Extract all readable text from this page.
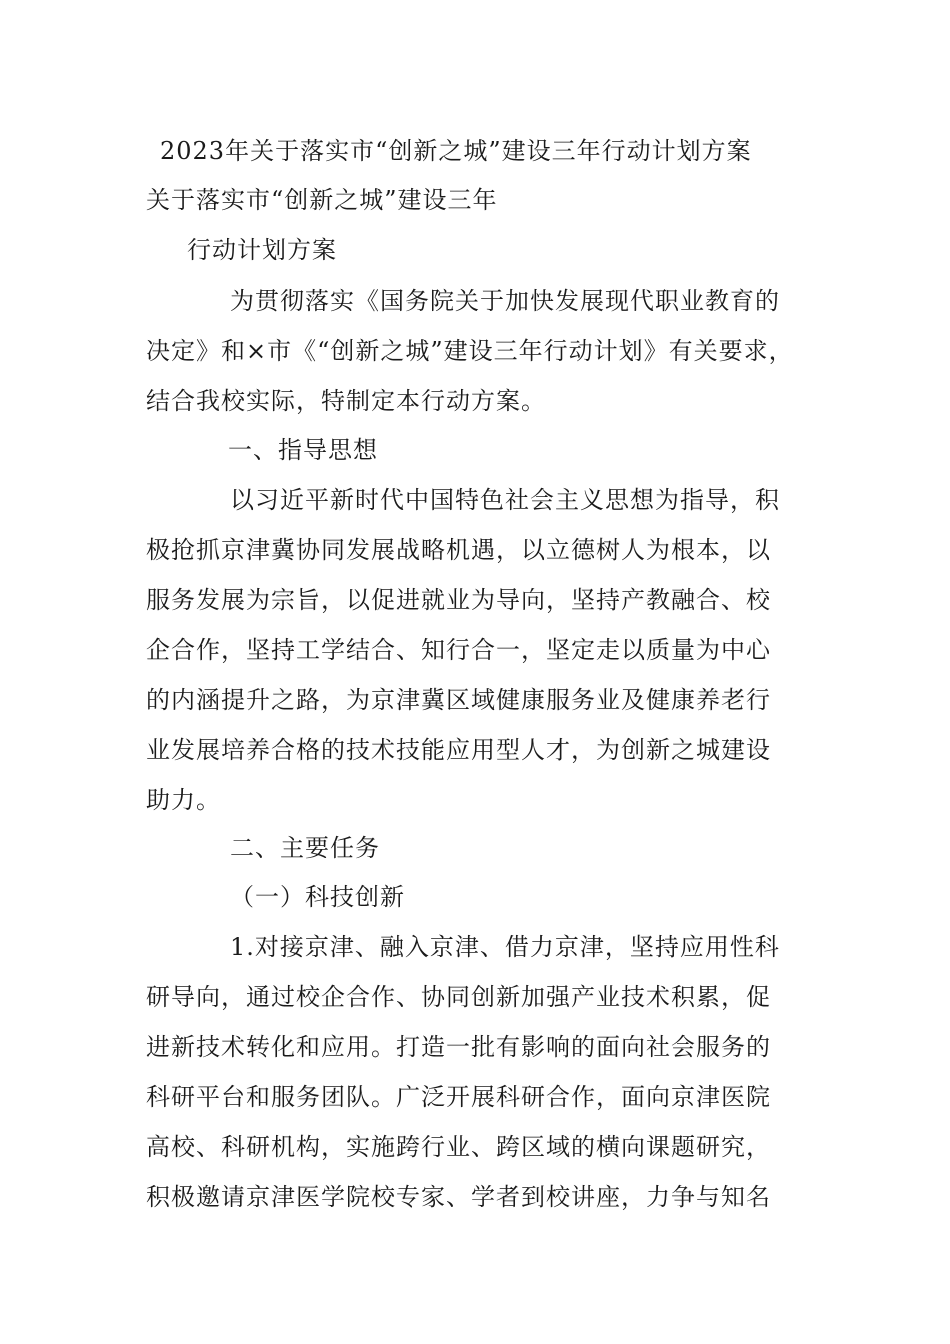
2023年关于落实市“创新之城”建设三年行动计划方案
关于落实市“创新之城”建设三年
行动计划方案
为贯彻落实《国务院关于加快发展现代职业教育的
决定》和×市《“创新之城”建设三年行动计划》有关要求，
结合我校实际，特制定本行动方案。
一、指导思想
以习近平新时代中国特色社会主义思想为指导，积
极抢抓京津冀协同发展战略机遇，以立德树人为根本，以
服务发展为宗旨，以促进就业为导向，坚持产教融合、校
企合作，坚持工学结合、知行合一，坚定走以质量为中心
的内涵提升之路，为京津冀区域健康服务业及健康养老行
业发展培养合格的技术技能应用型人才，为创新之城建设
助力。
二、主要任务
（一）科技创新
1.对接京津、融入京津、借力京津，坚持应用性科
研导向，通过校企合作、协同创新加强产业技术积累，促
进新技术转化和应用。打造一批有影响的面向社会服务的
科研平台和服务团队。广泛开展科研合作，面向京津医院
高校、科研机构，实施跨行业、跨区域的横向课题研究，
积极邀请京津医学院校专家、学者到校讲座，力争与知名
